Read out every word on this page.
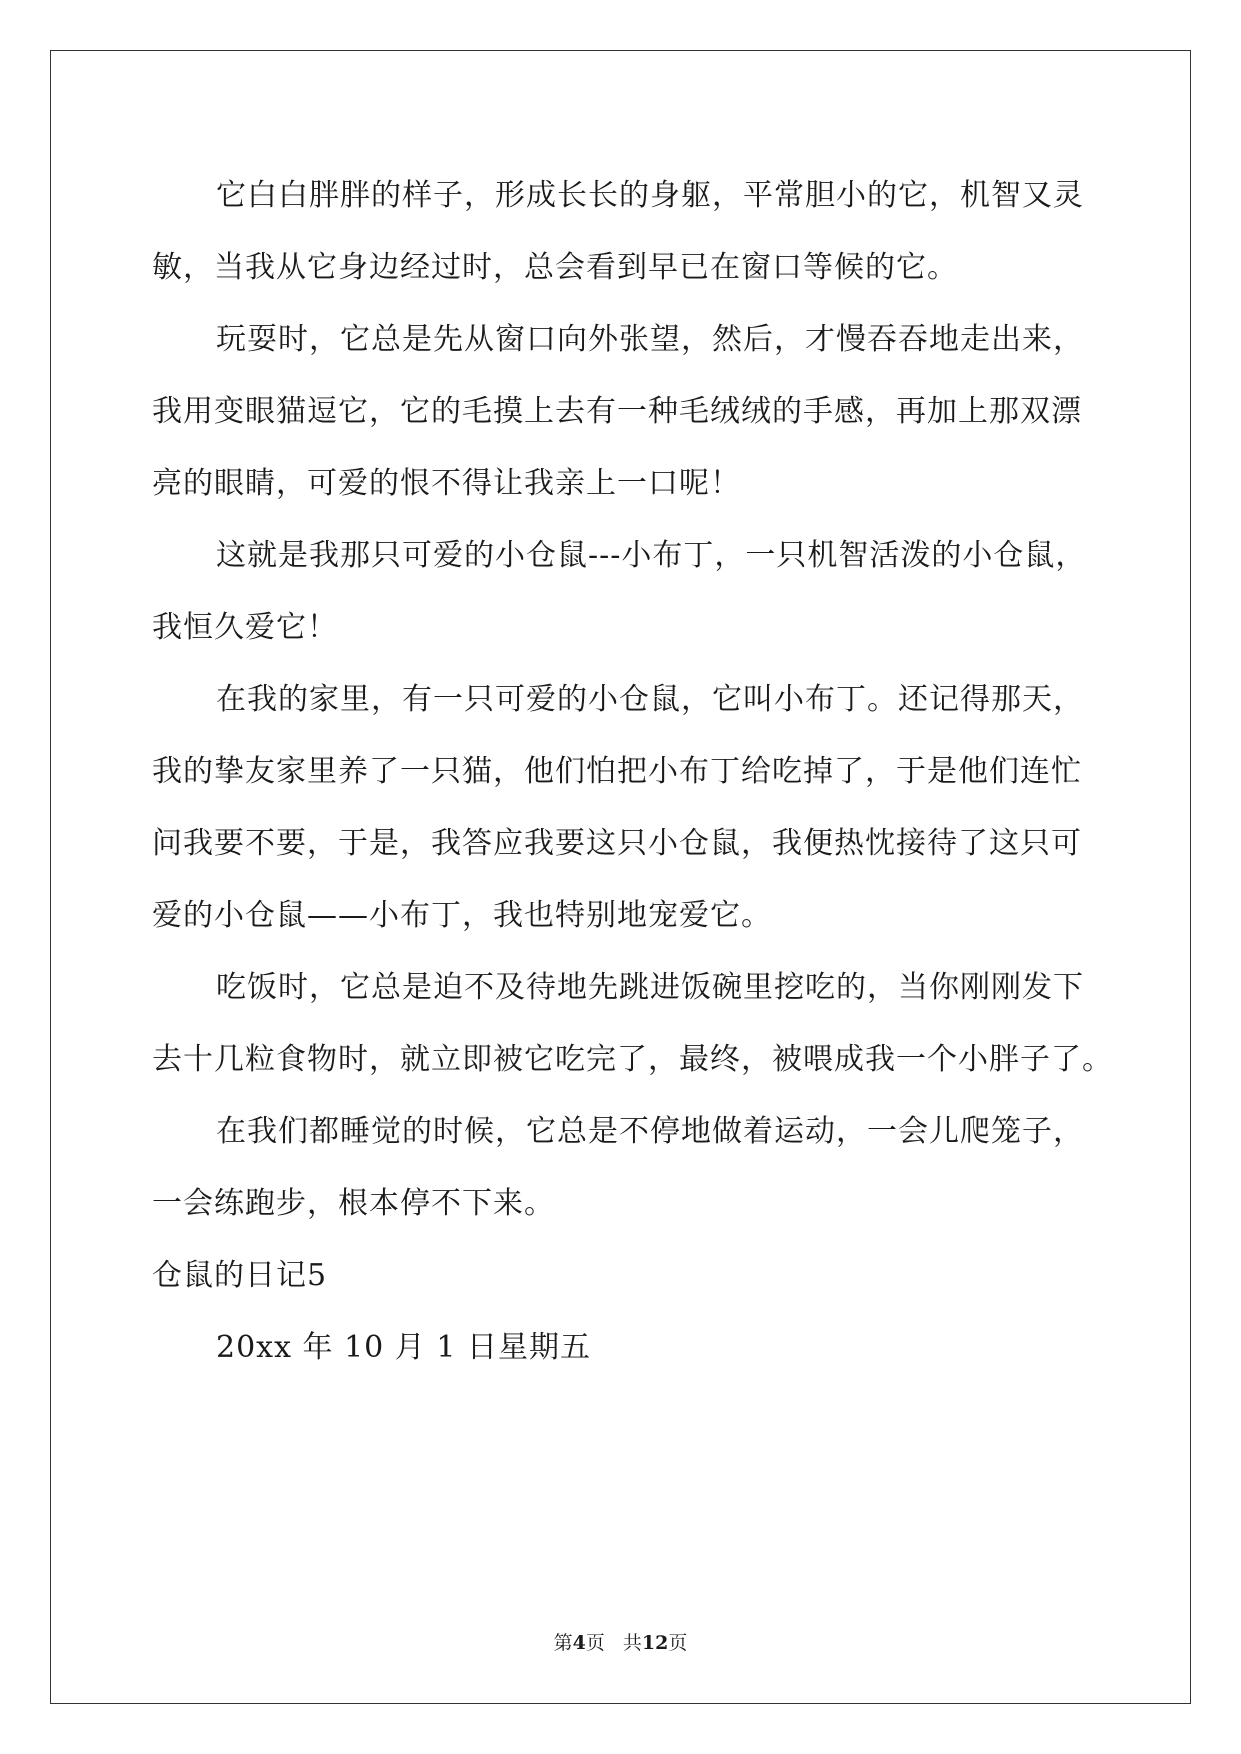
它白白胖胖的样子，形成长长的身躯，平常胆小的它，机智又灵
敏，当我从它身边经过时，总会看到早已在窗口等候的它。
玩耍时，它总是先从窗口向外张望，然后，才慢吞吞地走出来，
我用变眼猫逗它，它的毛摸上去有一种毛绒绒的手感，再加上那双漂
亮的眼睛，可爱的恨不得让我亲上一口呢！
这就是我那只可爱的小仓鼠---小布丁，一只机智活泼的小仓鼠，
我恒久爱它！
在我的家里，有一只可爱的小仓鼠，它叫小布丁。还记得那天，
我的挚友家里养了一只猫，他们怕把小布丁给吃掉了，于是他们连忙
问我要不要，于是，我答应我要这只小仓鼠，我便热忱接待了这只可
爱的小仓鼠——小布丁，我也特别地宠爱它。
吃饭时，它总是迫不及待地先跳进饭碗里挖吃的，当你刚刚发下
去十几粒食物时，就立即被它吃完了，最终，被喂成我一个小胖子了。
在我们都睡觉的时候，它总是不停地做着运动，一会儿爬笼子，
一会练跑步，根本停不下来。
仓鼠的日记5
20xx 年 10 月 1 日星期五
第4页 共12页
